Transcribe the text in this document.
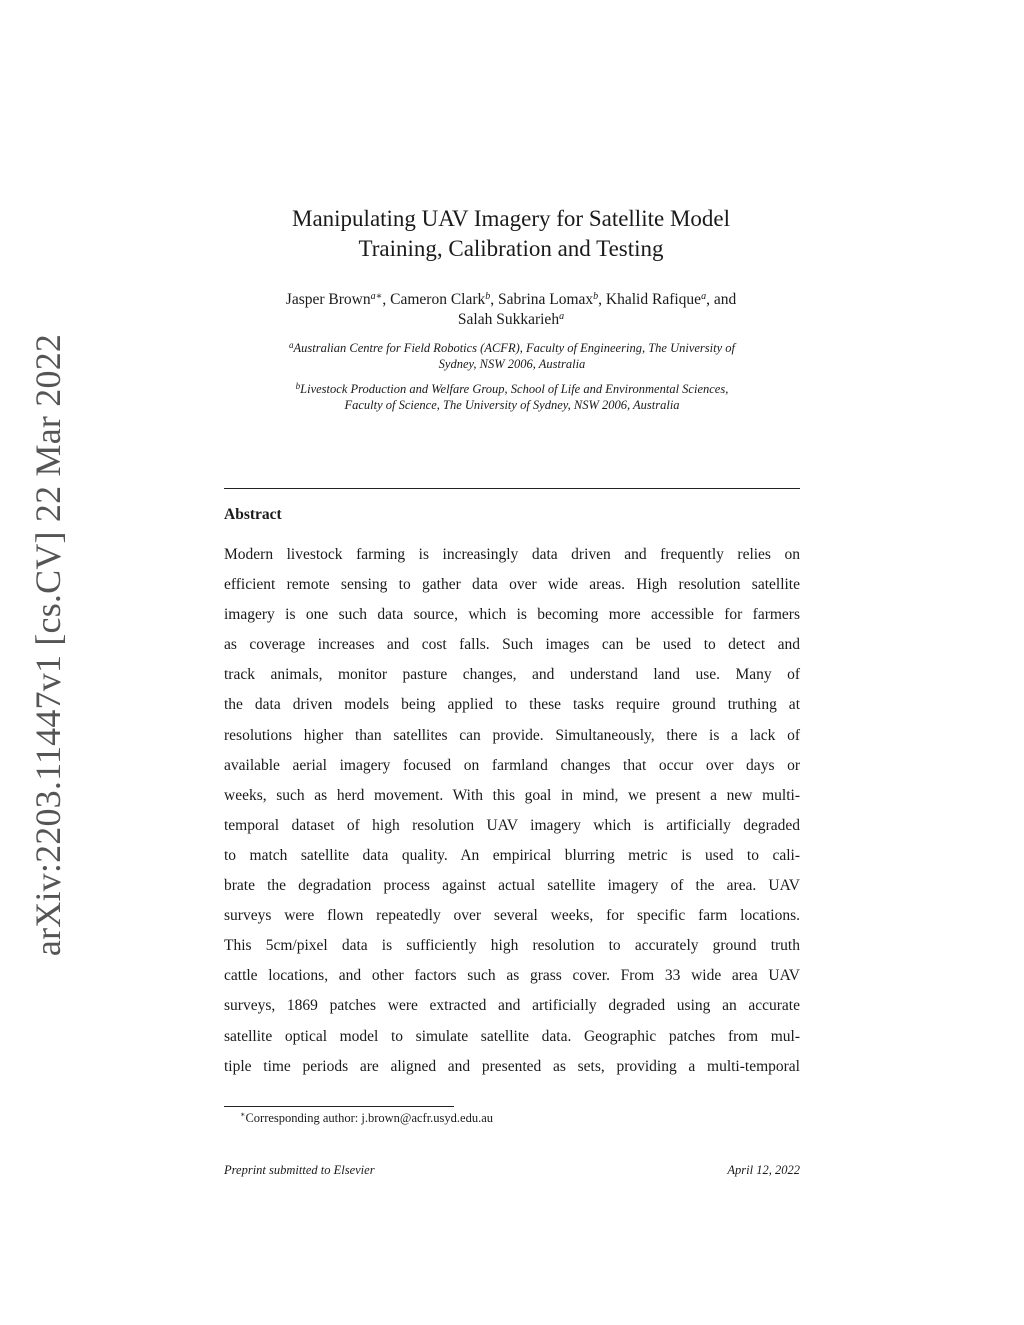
arXiv:2203.11447v1 [cs.CV] 22 Mar 2022
Manipulating UAV Imagery for Satellite Model
Training, Calibration and Testing
Jasper Brown$^{a∗}$, Cameron Clark$^b$, Sabrina Lomax$^b$, Khalid Rafique$^a$, and
Salah Sukkarieh$^a$
$^a$Australian Centre for Field Robotics (ACFR), Faculty of Engineering, The University of
Sydney, NSW 2006, Australia
$^b$Livestock Production and Welfare Group, School of Life and Environmental Sciences,
Faculty of Science, The University of Sydney, NSW 2006, Australia
Abstract
Modern livestock farming is increasingly data driven and frequently relies on
efficient remote sensing to gather data over wide areas. High resolution satellite
imagery is one such data source, which is becoming more accessible for farmers
as coverage increases and cost falls. Such images can be used to detect and
track animals, monitor pasture changes, and understand land use. Many of
the data driven models being applied to these tasks require ground truthing at
resolutions higher than satellites can provide. Simultaneously, there is a lack of
available aerial imagery focused on farmland changes that occur over days or
weeks, such as herd movement. With this goal in mind, we present a new multi-
temporal dataset of high resolution UAV imagery which is artificially degraded
to match satellite data quality. An empirical blurring metric is used to cali-
brate the degradation process against actual satellite imagery of the area. UAV
surveys were flown repeatedly over several weeks, for specific farm locations.
This 5cm/pixel data is sufficiently high resolution to accurately ground truth
cattle locations, and other factors such as grass cover. From 33 wide area UAV
surveys, 1869 patches were extracted and artificially degraded using an accurate
satellite optical model to simulate satellite data. Geographic patches from mul-
tiple time periods are aligned and presented as sets, providing a multi-temporal
∗Corresponding author: j.brown@acfr.usyd.edu.au
Preprint submitted to Elsevier	April 12, 2022
